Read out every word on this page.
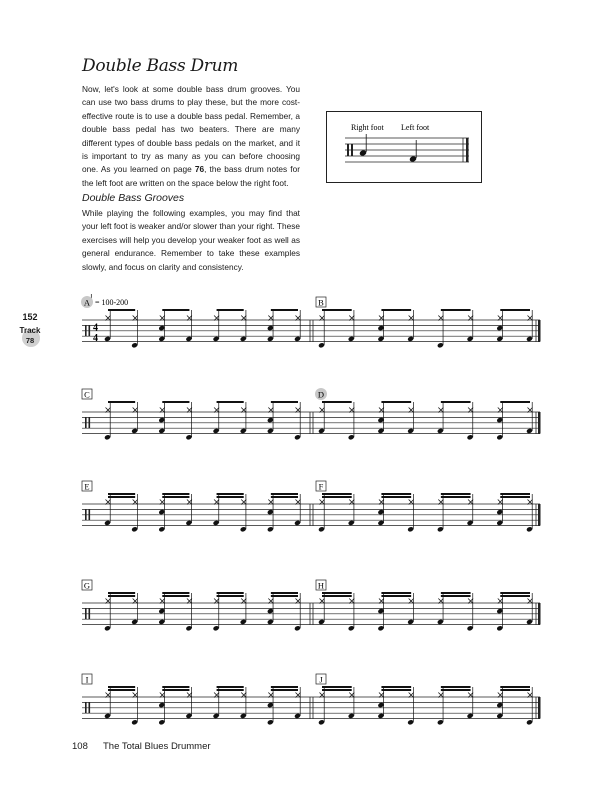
Double Bass Drum

Now, let's look at some double bass drum grooves. You can use two bass drums to play these, but the more cost-effective route is to use a double bass pedal. Remember, a double bass pedal has two beaters. There are many different types of double bass pedals on the market, and it is important to try as many as you can before choosing one. As you learned on page 76, the bass drum notes for the left foot are written on the space below the right foot.

Double Bass Grooves

While playing the following examples, you may find that your left foot is weaker and/or slower than your right. These exercises will help you develop your weaker foot as well as general endurance. Remember to take these examples slowly, and focus on clarity and consistency.

Right foot Left foot
152
Track
78
= 100-200
4
4
A	B
C	D
E	F
G	H
I	J
108 The Total Blues Drummer
